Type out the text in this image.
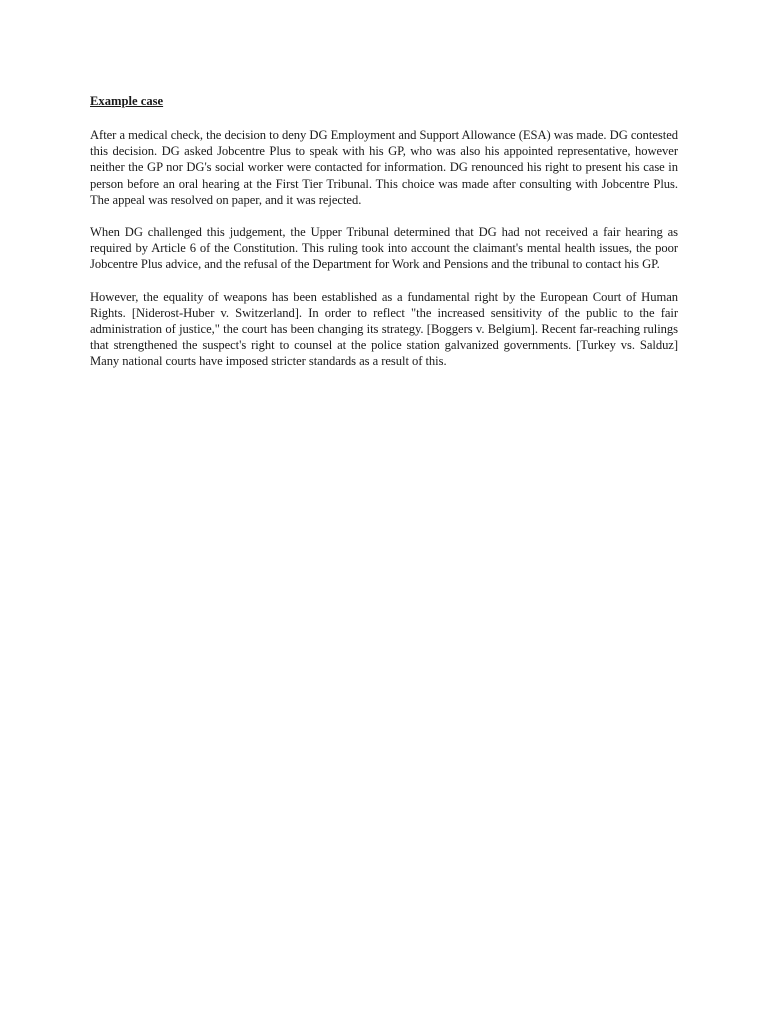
Example case

After a medical check, the decision to deny DG Employment and Support Allowance (ESA) was made. DG contested this decision. DG asked Jobcentre Plus to speak with his GP, who was also his appointed representative, however neither the GP nor DG's social worker were contacted for information. DG renounced his right to present his case in person before an oral hearing at the First Tier Tribunal. This choice was made after consulting with Jobcentre Plus. The appeal was resolved on paper, and it was rejected.

When DG challenged this judgement, the Upper Tribunal determined that DG had not received a fair hearing as required by Article 6 of the Constitution. This ruling took into account the claimant's mental health issues, the poor Jobcentre Plus advice, and the refusal of the Department for Work and Pensions and the tribunal to contact his GP.

However, the equality of weapons has been established as a fundamental right by the European Court of Human Rights. [Niderost-Huber v. Switzerland]. In order to reflect "the increased sensitivity of the public to the fair administration of justice," the court has been changing its strategy. [Boggers v. Belgium]. Recent far-reaching rulings that strengthened the suspect's right to counsel at the police station galvanized governments. [Turkey vs. Salduz] Many national courts have imposed stricter standards as a result of this.
